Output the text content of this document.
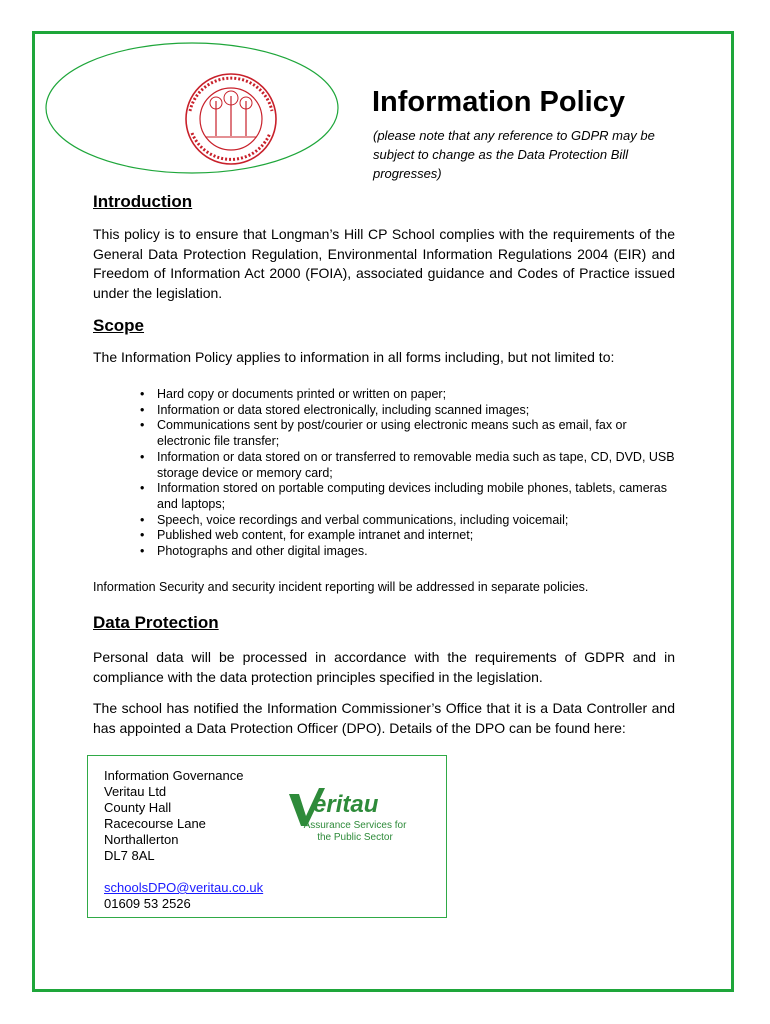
Information Policy

(please note that any reference to GDPR may be subject to change as the Data Protection Bill progresses)

Introduction

This policy is to ensure that Longman’s Hill CP School complies with the requirements of the General Data Protection Regulation, Environmental Information Regulations 2004 (EIR) and Freedom of Information Act 2000 (FOIA), associated guidance and Codes of Practice issued under the legislation.

Scope

The Information Policy applies to information in all forms including, but not limited to:

• Hard copy or documents printed or written on paper;
• Information or data stored electronically, including scanned images;
• Communications sent by post/courier or using electronic means such as email, fax or electronic file transfer;
• Information or data stored on or transferred to removable media such as tape, CD, DVD, USB storage device or memory card;
• Information stored on portable computing devices including mobile phones, tablets, cameras and laptops;
• Speech, voice recordings and verbal communications, including voicemail;
• Published web content, for example intranet and internet;
• Photographs and other digital images.

Information Security and security incident reporting will be addressed in separate policies.

Data Protection

Personal data will be processed in accordance with the requirements of GDPR and in compliance with the data protection principles specified in the legislation.

The school has notified the Information Commissioner’s Office that it is a Data Controller and has appointed a Data Protection Officer (DPO). Details of the DPO can be found here:

Information Governance
Veritau Ltd
County Hall
Racecourse Lane
Northallerton
DL7 8AL
schoolsDPO@veritau.co.uk
01609 53 2526
eritau
Assurance Services for
the Public Sector
